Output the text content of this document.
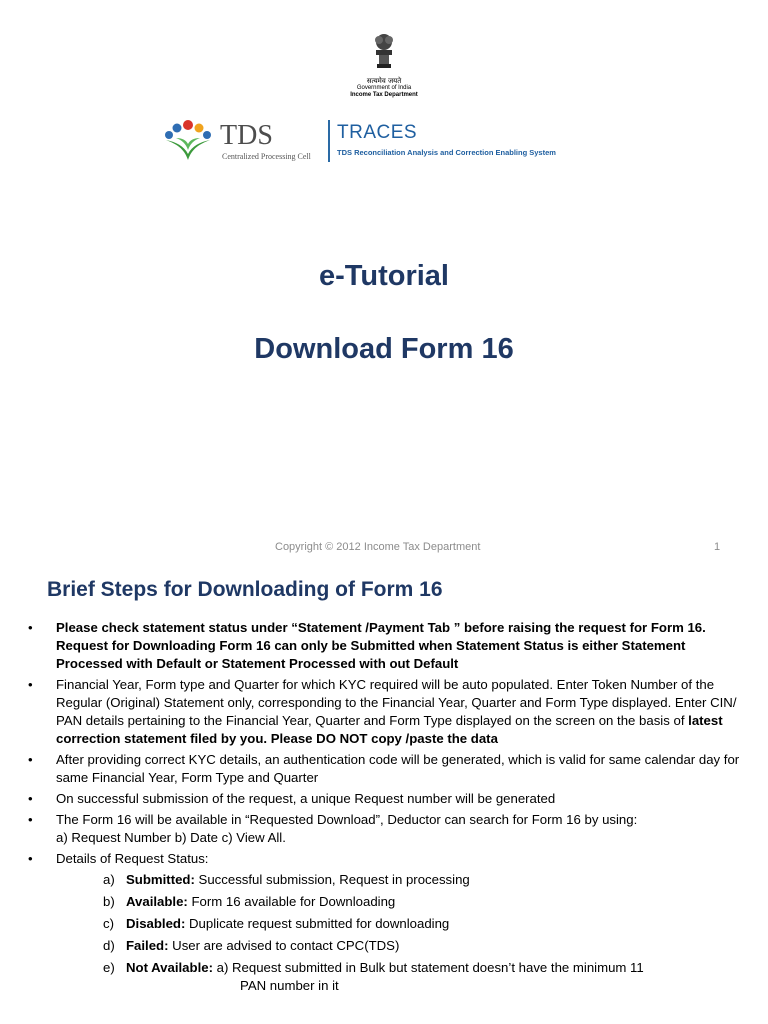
सत्यमेव जयते
Government of India
Income Tax Department
TDS
Centralized Processing Cell
TRACES
TDS Reconciliation Analysis and Correction Enabling System
e-Tutorial
Download Form 16
Copyright © 2012 Income Tax Department	1
Brief Steps for Downloading of Form 16
• Please check statement status under “Statement /Payment Tab ” before raising the request for Form 16. Request for Downloading Form 16 can only be Submitted when Statement Status is either Statement Processed with Default or Statement Processed with out Default
• Financial Year, Form type and Quarter for which KYC required will be auto populated. Enter Token Number of the Regular (Original) Statement only, corresponding to the Financial Year, Quarter and Form Type displayed. Enter CIN/ PAN details pertaining to the Financial Year, Quarter and Form Type displayed on the screen on the basis of latest correction statement filed by you. Please DO NOT copy /paste the data
• After providing correct KYC details, an authentication code will be generated, which is valid for same calendar day for same Financial Year, Form Type and Quarter
• On successful submission of the request, a unique Request number will be generated
• The Form 16 will be available in “Requested Download”, Deductor can search for Form 16 by using:
a) Request Number b) Date c) View All.
• Details of Request Status:
a) Submitted: Successful submission, Request in processing
b) Available: Form 16 available for Downloading
c) Disabled: Duplicate request submitted for downloading
d) Failed: User are advised to contact CPC(TDS)
e) Not Available: a) Request submitted in Bulk but statement doesn’t have the minimum 11
PAN number in it
